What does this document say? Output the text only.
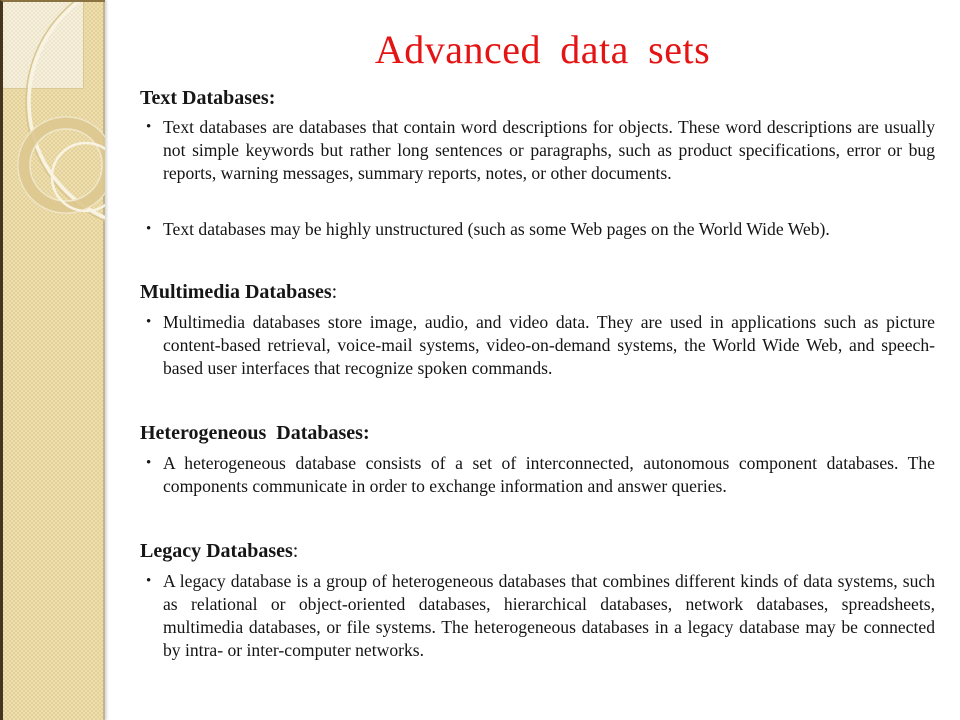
Advanced data sets
Text Databases:
• Text databases are databases that contain word descriptions for objects. These word descriptions are usually not simple keywords but rather long sentences or paragraphs, such as product specifications, error or bug reports, warning messages, summary reports, notes, or other documents.
• Text databases may be highly unstructured (such as some Web pages on the World Wide Web).
Multimedia Databases:
• Multimedia databases store image, audio, and video data. They are used in applications such as picture content-based retrieval, voice-mail systems, video-on-demand systems, the World Wide Web, and speech-based user interfaces that recognize spoken commands.
Heterogeneous  Databases:
• A heterogeneous database consists of a set of interconnected, autonomous component databases. The components communicate in order to exchange information and answer queries.
Legacy Databases:
• A legacy database is a group of heterogeneous databases that combines different kinds of data systems, such as relational or object-oriented databases, hierarchical databases, network databases, spreadsheets, multimedia databases, or file systems. The heterogeneous databases in a legacy database may be connected by intra- or inter-computer networks.
